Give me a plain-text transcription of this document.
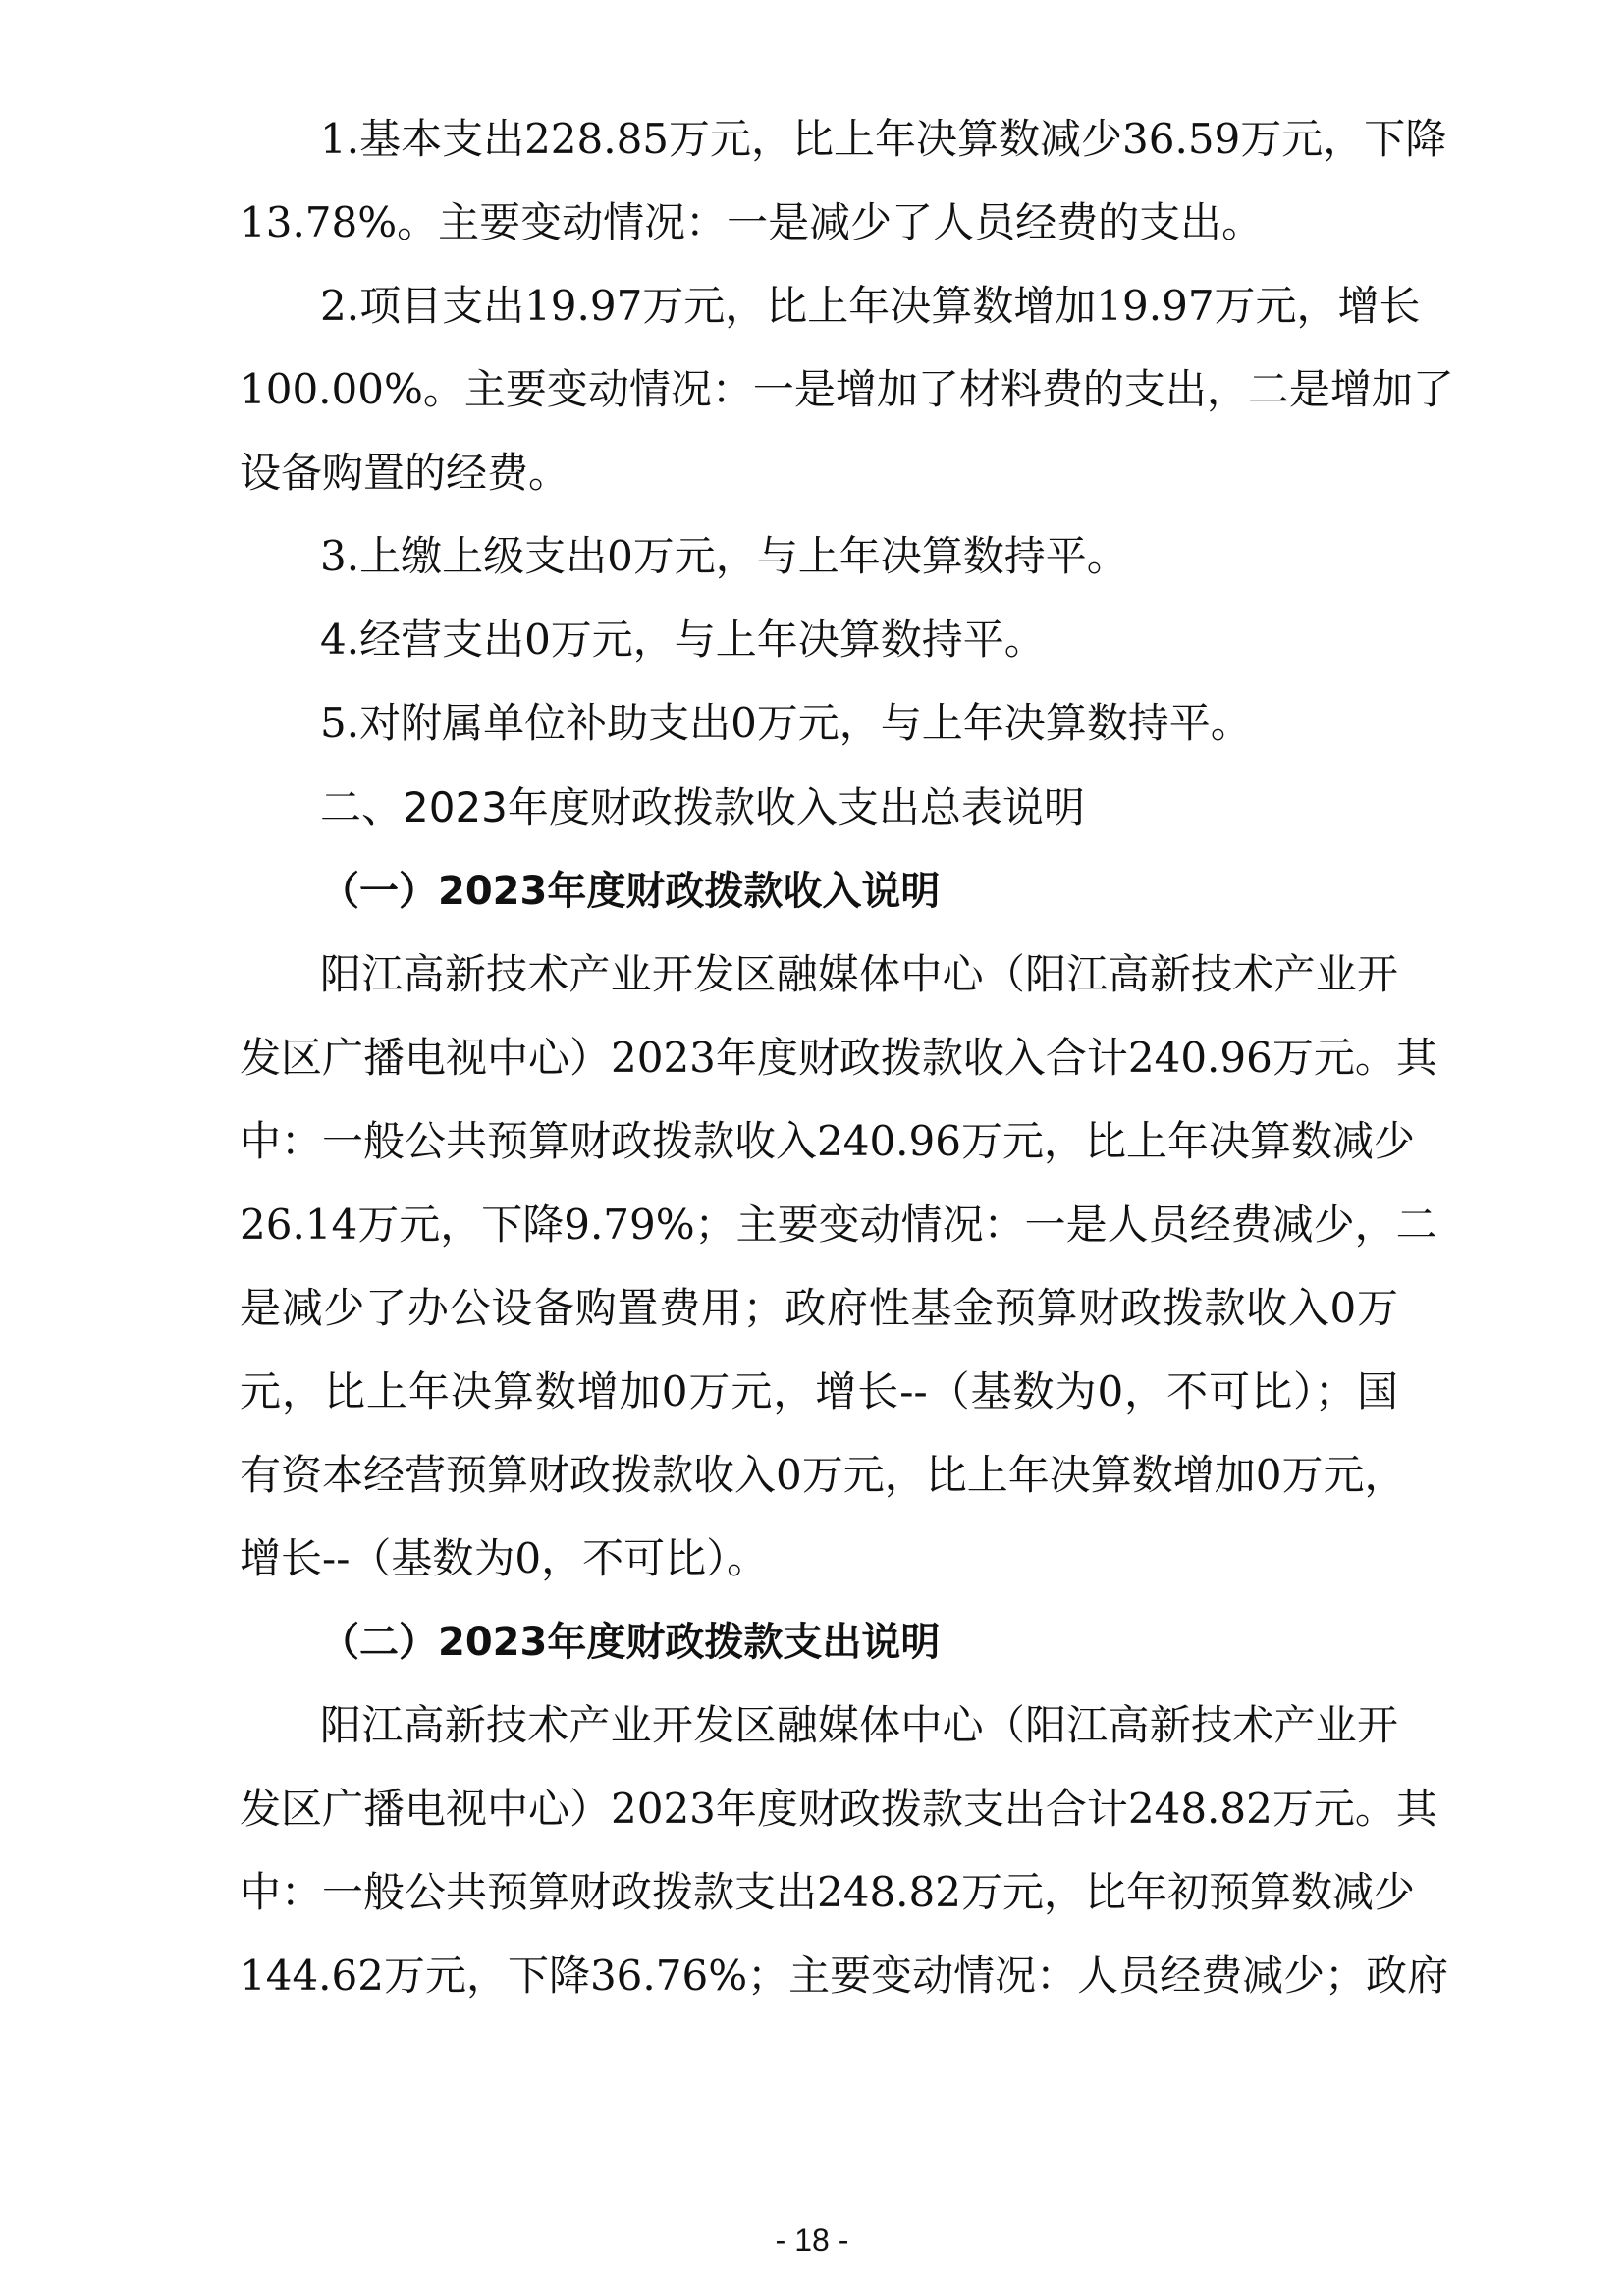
1.基本支出228.85万元，比上年决算数减少36.59万元，下降
13.78%。主要变动情况：一是减少了人员经费的支出。
2.项目支出19.97万元，比上年决算数增加19.97万元，增长
100.00%。主要变动情况：一是增加了材料费的支出，二是增加了
设备购置的经费。
3.上缴上级支出0万元，与上年决算数持平。
4.经营支出0万元，与上年决算数持平。
5.对附属单位补助支出0万元，与上年决算数持平。
二、2023年度财政拨款收入支出总表说明
（一）2023年度财政拨款收入说明
阳江高新技术产业开发区融媒体中心（阳江高新技术产业开
发区广播电视中心）2023年度财政拨款收入合计240.96万元。其
中：一般公共预算财政拨款收入240.96万元，比上年决算数减少
26.14万元，下降9.79%；主要变动情况：一是人员经费减少，二
是减少了办公设备购置费用；政府性基金预算财政拨款收入0万
元，比上年决算数增加0万元，增长--（基数为0，不可比）；国
有资本经营预算财政拨款收入0万元，比上年决算数增加0万元，
增长--（基数为0，不可比）。
（二）2023年度财政拨款支出说明
阳江高新技术产业开发区融媒体中心（阳江高新技术产业开
发区广播电视中心）2023年度财政拨款支出合计248.82万元。其
中：一般公共预算财政拨款支出248.82万元，比年初预算数减少
144.62万元，下降36.76%；主要变动情况：人员经费减少；政府
- 18 -
